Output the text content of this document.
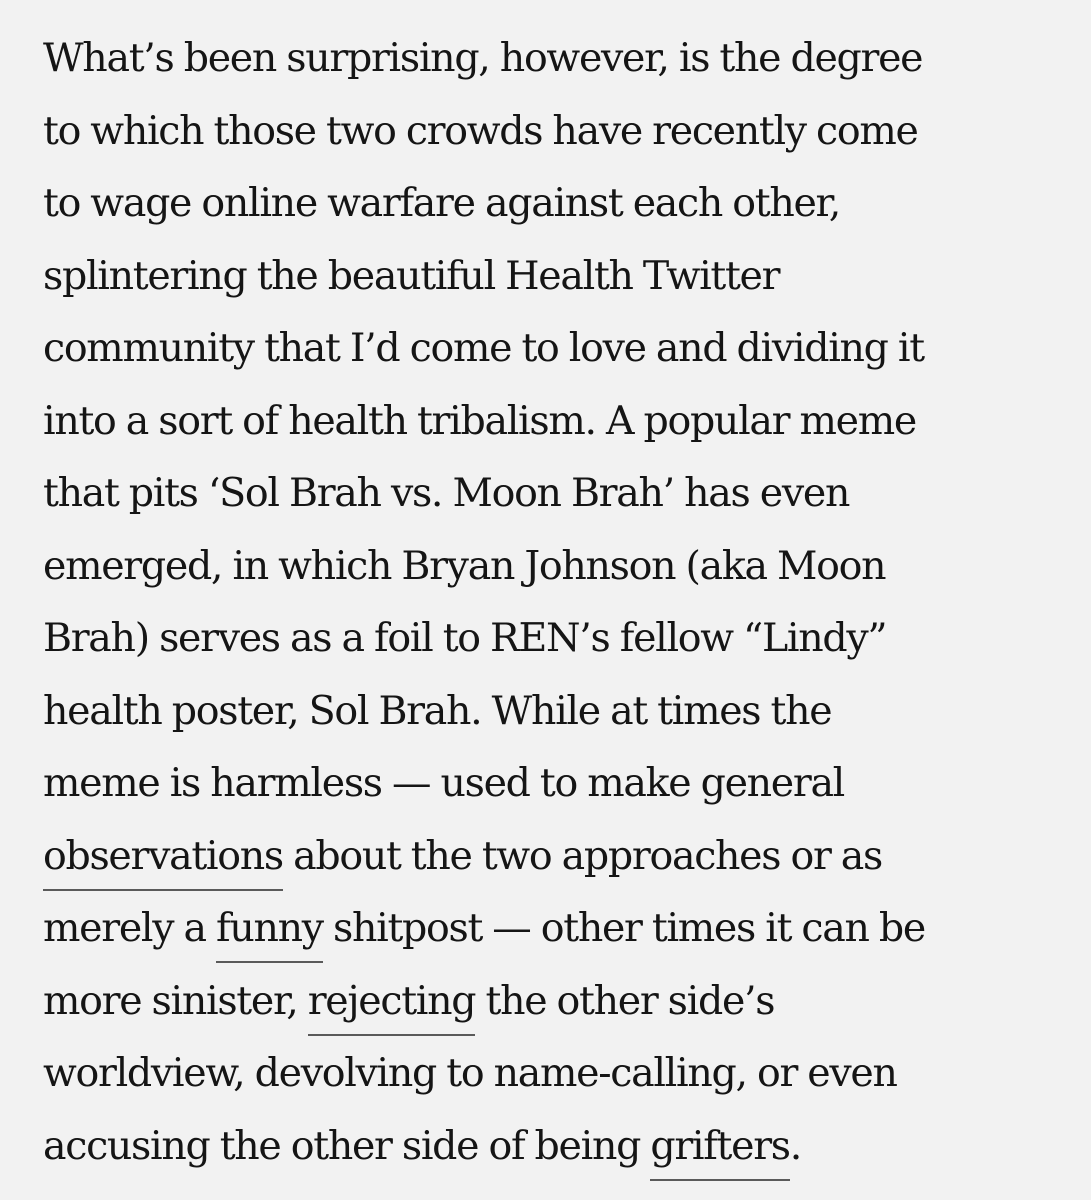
What’s been surprising, however, is the degree
to which those two crowds have recently come
to wage online warfare against each other,
splintering the beautiful Health Twitter
community that I’d come to love and dividing it
into a sort of health tribalism. A popular meme
that pits ‘Sol Brah vs. Moon Brah’ has even
emerged, in which Bryan Johnson (aka Moon
Brah) serves as a foil to REN’s fellow “Lindy”
health poster, Sol Brah. While at times the
meme is harmless — used to make general
observations about the two approaches or as
merely a funny shitpost — other times it can be
more sinister, rejecting the other side’s
worldview, devolving to name-calling, or even
accusing the other side of being grifters.
